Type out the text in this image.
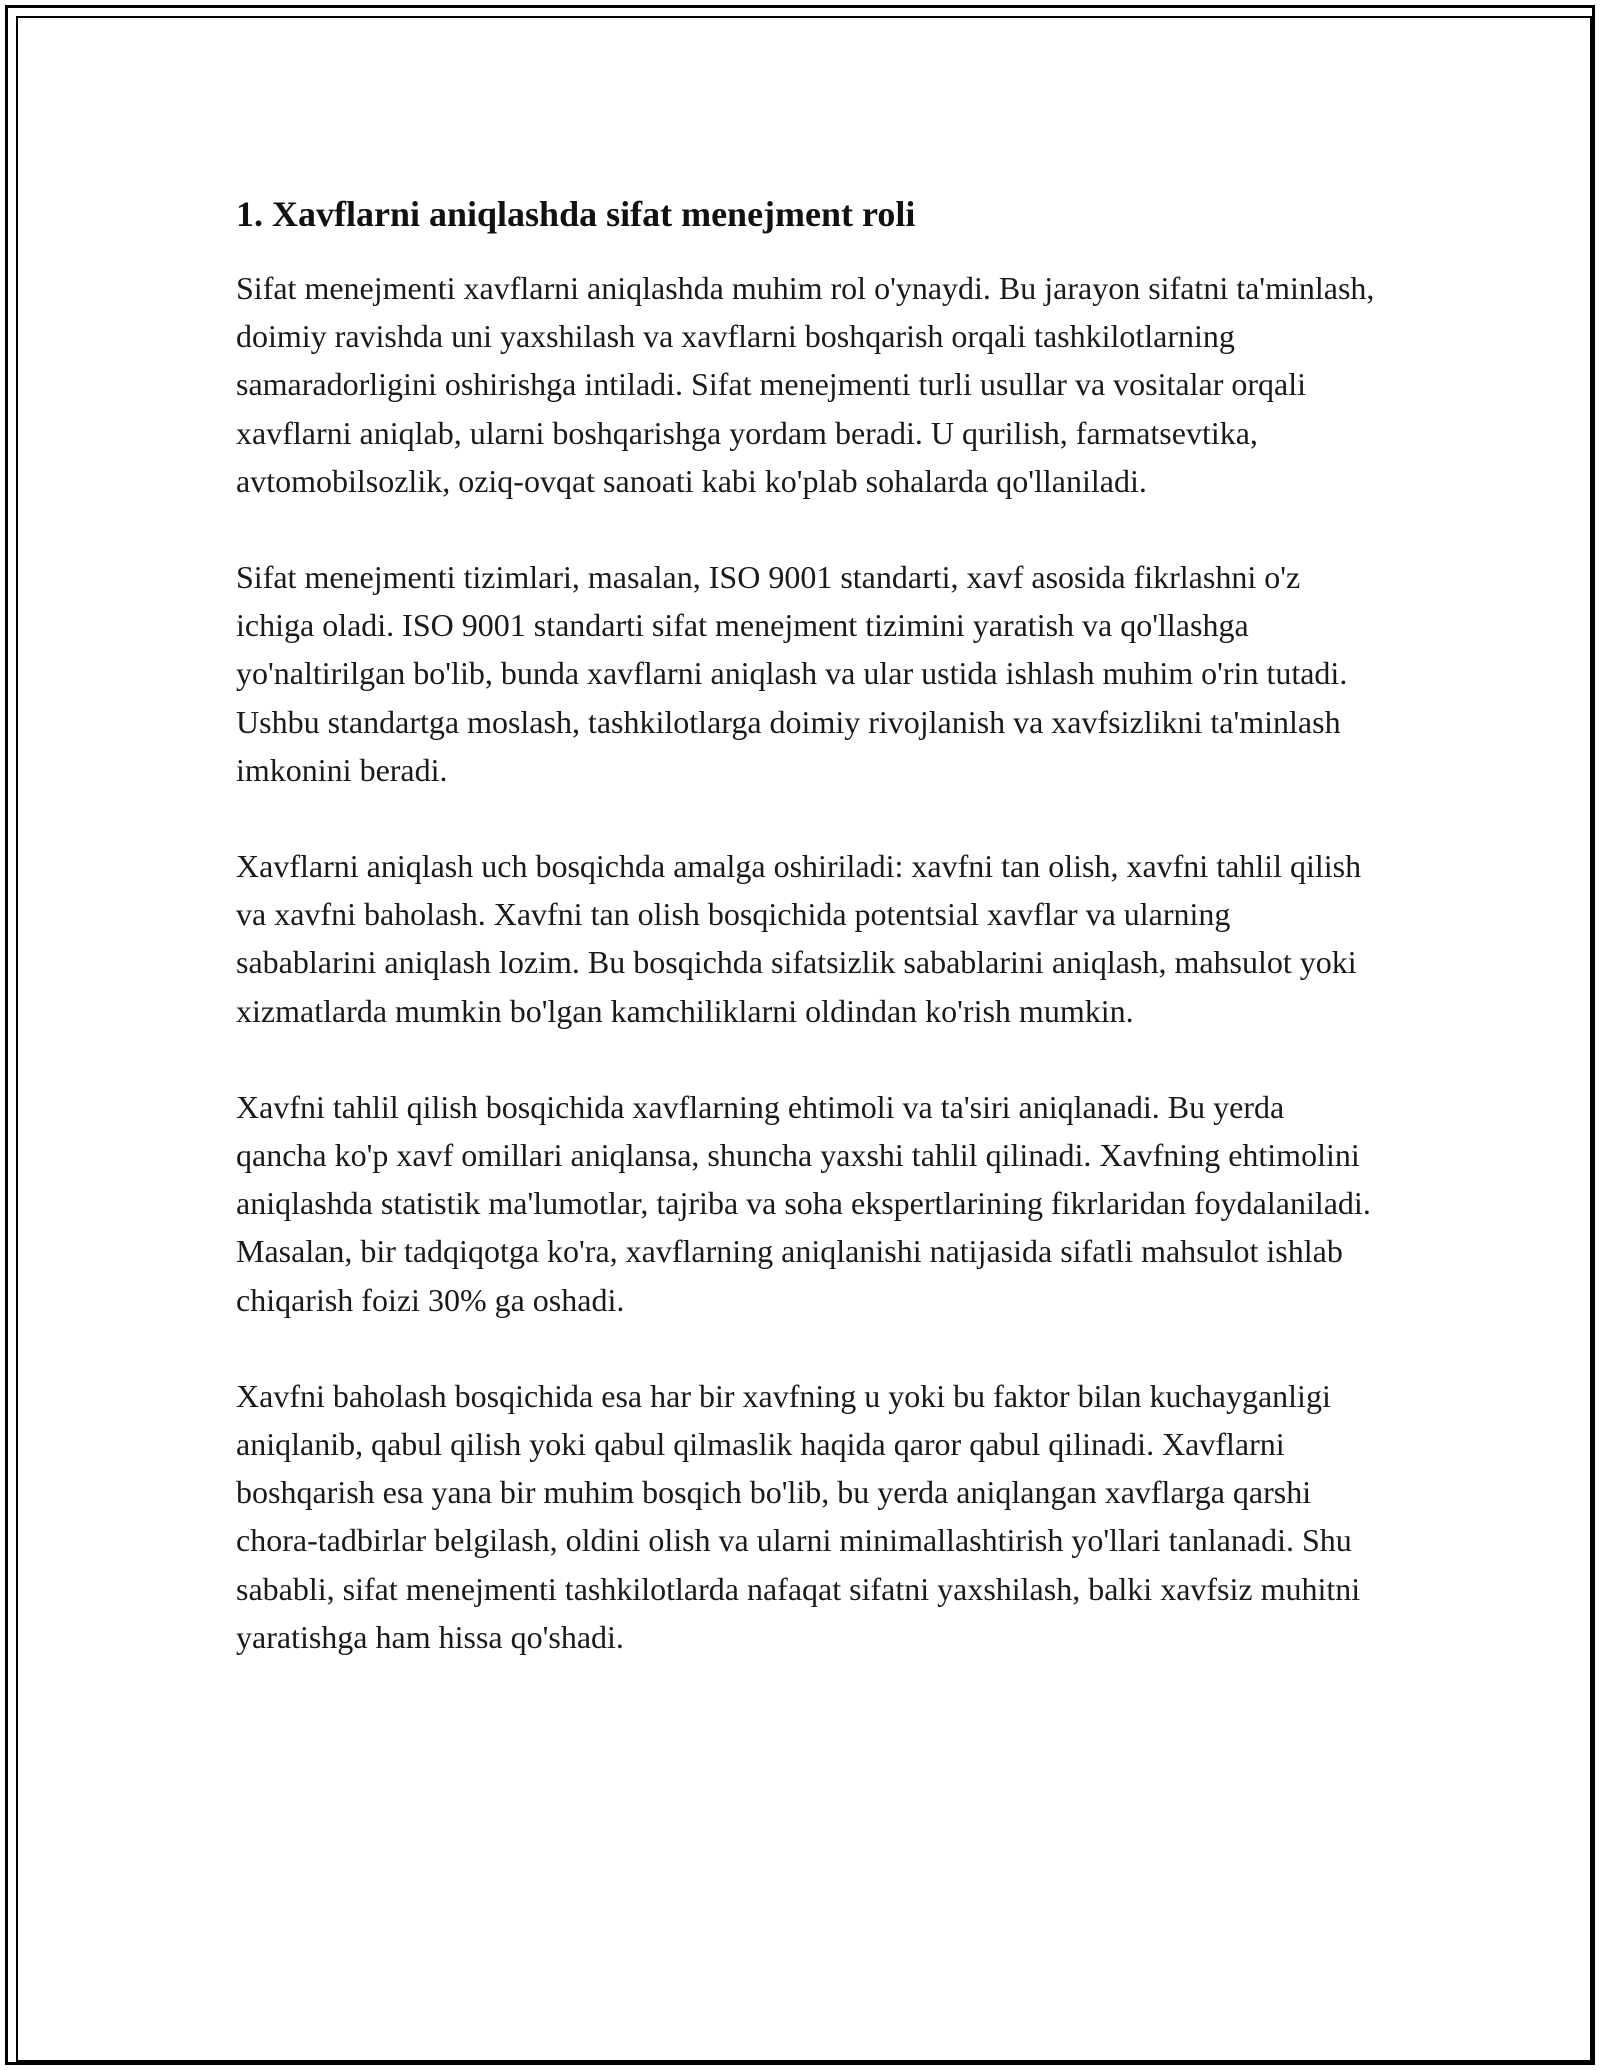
1. Xavflarni aniqlashda sifat menejment roli

Sifat menejmenti xavflarni aniqlashda muhim rol o'ynaydi. Bu jarayon sifatni ta'minlash, doimiy ravishda uni yaxshilash va xavflarni boshqarish orqali tashkilotlarning samaradorligini oshirishga intiladi. Sifat menejmenti turli usullar va vositalar orqali xavflarni aniqlab, ularni boshqarishga yordam beradi. U qurilish, farmatsevtika, avtomobilsozlik, oziq-ovqat sanoati kabi ko'plab sohalarda qo'llaniladi.

Sifat menejmenti tizimlari, masalan, ISO 9001 standarti, xavf asosida fikrlashni o'z ichiga oladi. ISO 9001 standarti sifat menejment tizimini yaratish va qo'llashga yo'naltirilgan bo'lib, bunda xavflarni aniqlash va ular ustida ishlash muhim o'rin tutadi. Ushbu standartga moslash, tashkilotlarga doimiy rivojlanish va xavfsizlikni ta'minlash imkonini beradi.

Xavflarni aniqlash uch bosqichda amalga oshiriladi: xavfni tan olish, xavfni tahlil qilish va xavfni baholash. Xavfni tan olish bosqichida potentsial xavflar va ularning sabablarini aniqlash lozim. Bu bosqichda sifatsizlik sabablarini aniqlash, mahsulot yoki xizmatlarda mumkin bo'lgan kamchiliklarni oldindan ko'rish mumkin.

Xavfni tahlil qilish bosqichida xavflarning ehtimoli va ta'siri aniqlanadi. Bu yerda qancha ko'p xavf omillari aniqlansa, shuncha yaxshi tahlil qilinadi. Xavfning ehtimolini aniqlashda statistik ma'lumotlar, tajriba va soha ekspertlarining fikrlaridan foydalaniladi. Masalan, bir tadqiqotga ko'ra, xavflarning aniqlanishi natijasida sifatli mahsulot ishlab chiqarish foizi 30% ga oshadi.

Xavfni baholash bosqichida esa har bir xavfning u yoki bu faktor bilan kuchayganligi aniqlanib, qabul qilish yoki qabul qilmaslik haqida qaror qabul qilinadi. Xavflarni boshqarish esa yana bir muhim bosqich bo'lib, bu yerda aniqlangan xavflarga qarshi chora-tadbirlar belgilash, oldini olish va ularni minimallashtirish yo'llari tanlanadi. Shu sababli, sifat menejmenti tashkilotlarda nafaqat sifatni yaxshilash, balki xavfsiz muhitni yaratishga ham hissa qo'shadi.
